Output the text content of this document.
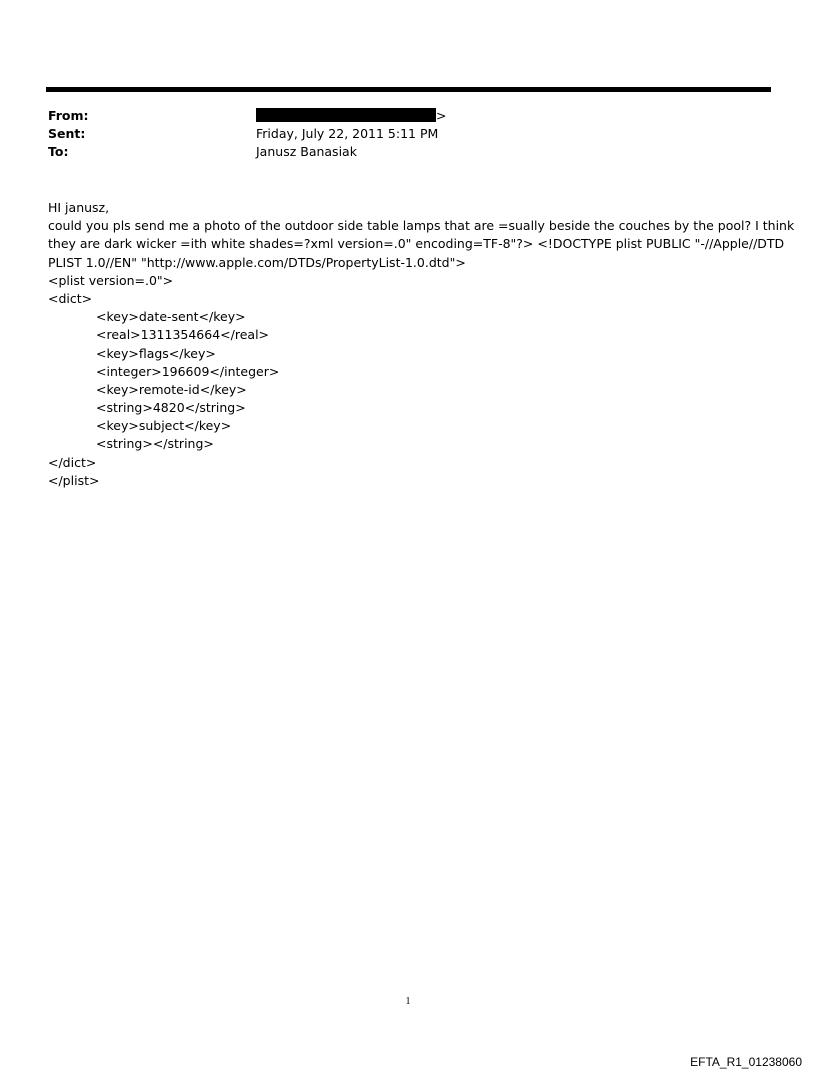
From:	>
Sent:	Friday, July 22, 2011 5:11 PM
To:	Janusz Banasiak
HI janusz,
could you pls send me a photo of the outdoor side table lamps that are =sually beside the couches by the pool? I think
they are dark wicker =ith white shades=?xml version=.0" encoding=TF-8"?> <!DOCTYPE plist PUBLIC "-//Apple//DTD
PLIST 1.0//EN" "http://www.apple.com/DTDs/PropertyList-1.0.dtd">
<plist version=.0">
<dict>
<key>date-sent</key>
<real>1311354664</real>
<key>flags</key>
<integer>196609</integer>
<key>remote-id</key>
<string>4820</string>
<key>subject</key>
<string></string>
</dict>
</plist>
1
EFTA_R1_01238060
